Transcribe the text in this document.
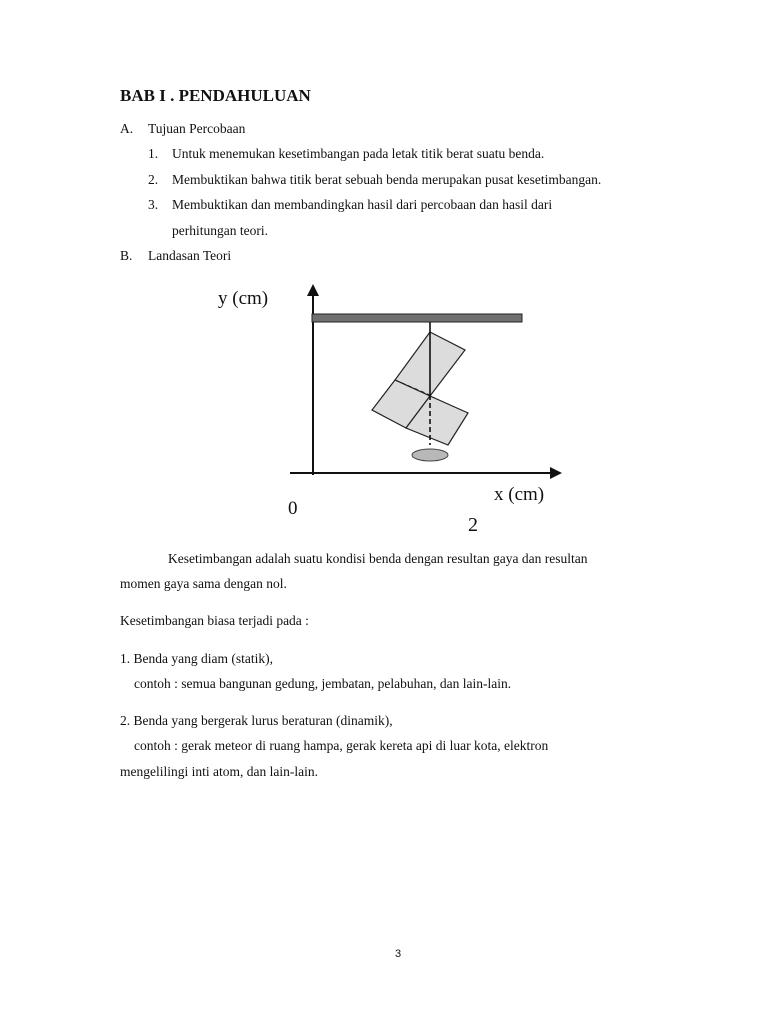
BAB I . PENDAHULUAN
A. Tujuan Percobaan
1. Untuk menemukan kesetimbangan pada letak titik berat suatu benda.
2. Membuktikan bahwa titik berat sebuah benda merupakan pusat kesetimbangan.
3. Membuktikan dan membandingkan hasil dari percobaan dan hasil dari
perhitungan teori.
B. Landasan Teori
y (cm)
x (cm)
0
2
Kesetimbangan adalah suatu kondisi benda dengan resultan gaya dan resultan
momen gaya sama dengan nol.
Kesetimbangan biasa terjadi pada :
1. Benda yang diam (statik),
contoh : semua bangunan gedung, jembatan, pelabuhan, dan lain-lain.
2. Benda yang bergerak lurus beraturan (dinamik),
contoh : gerak meteor di ruang hampa, gerak kereta api di luar kota, elektron
mengelilingi inti atom, dan lain-lain.
3
